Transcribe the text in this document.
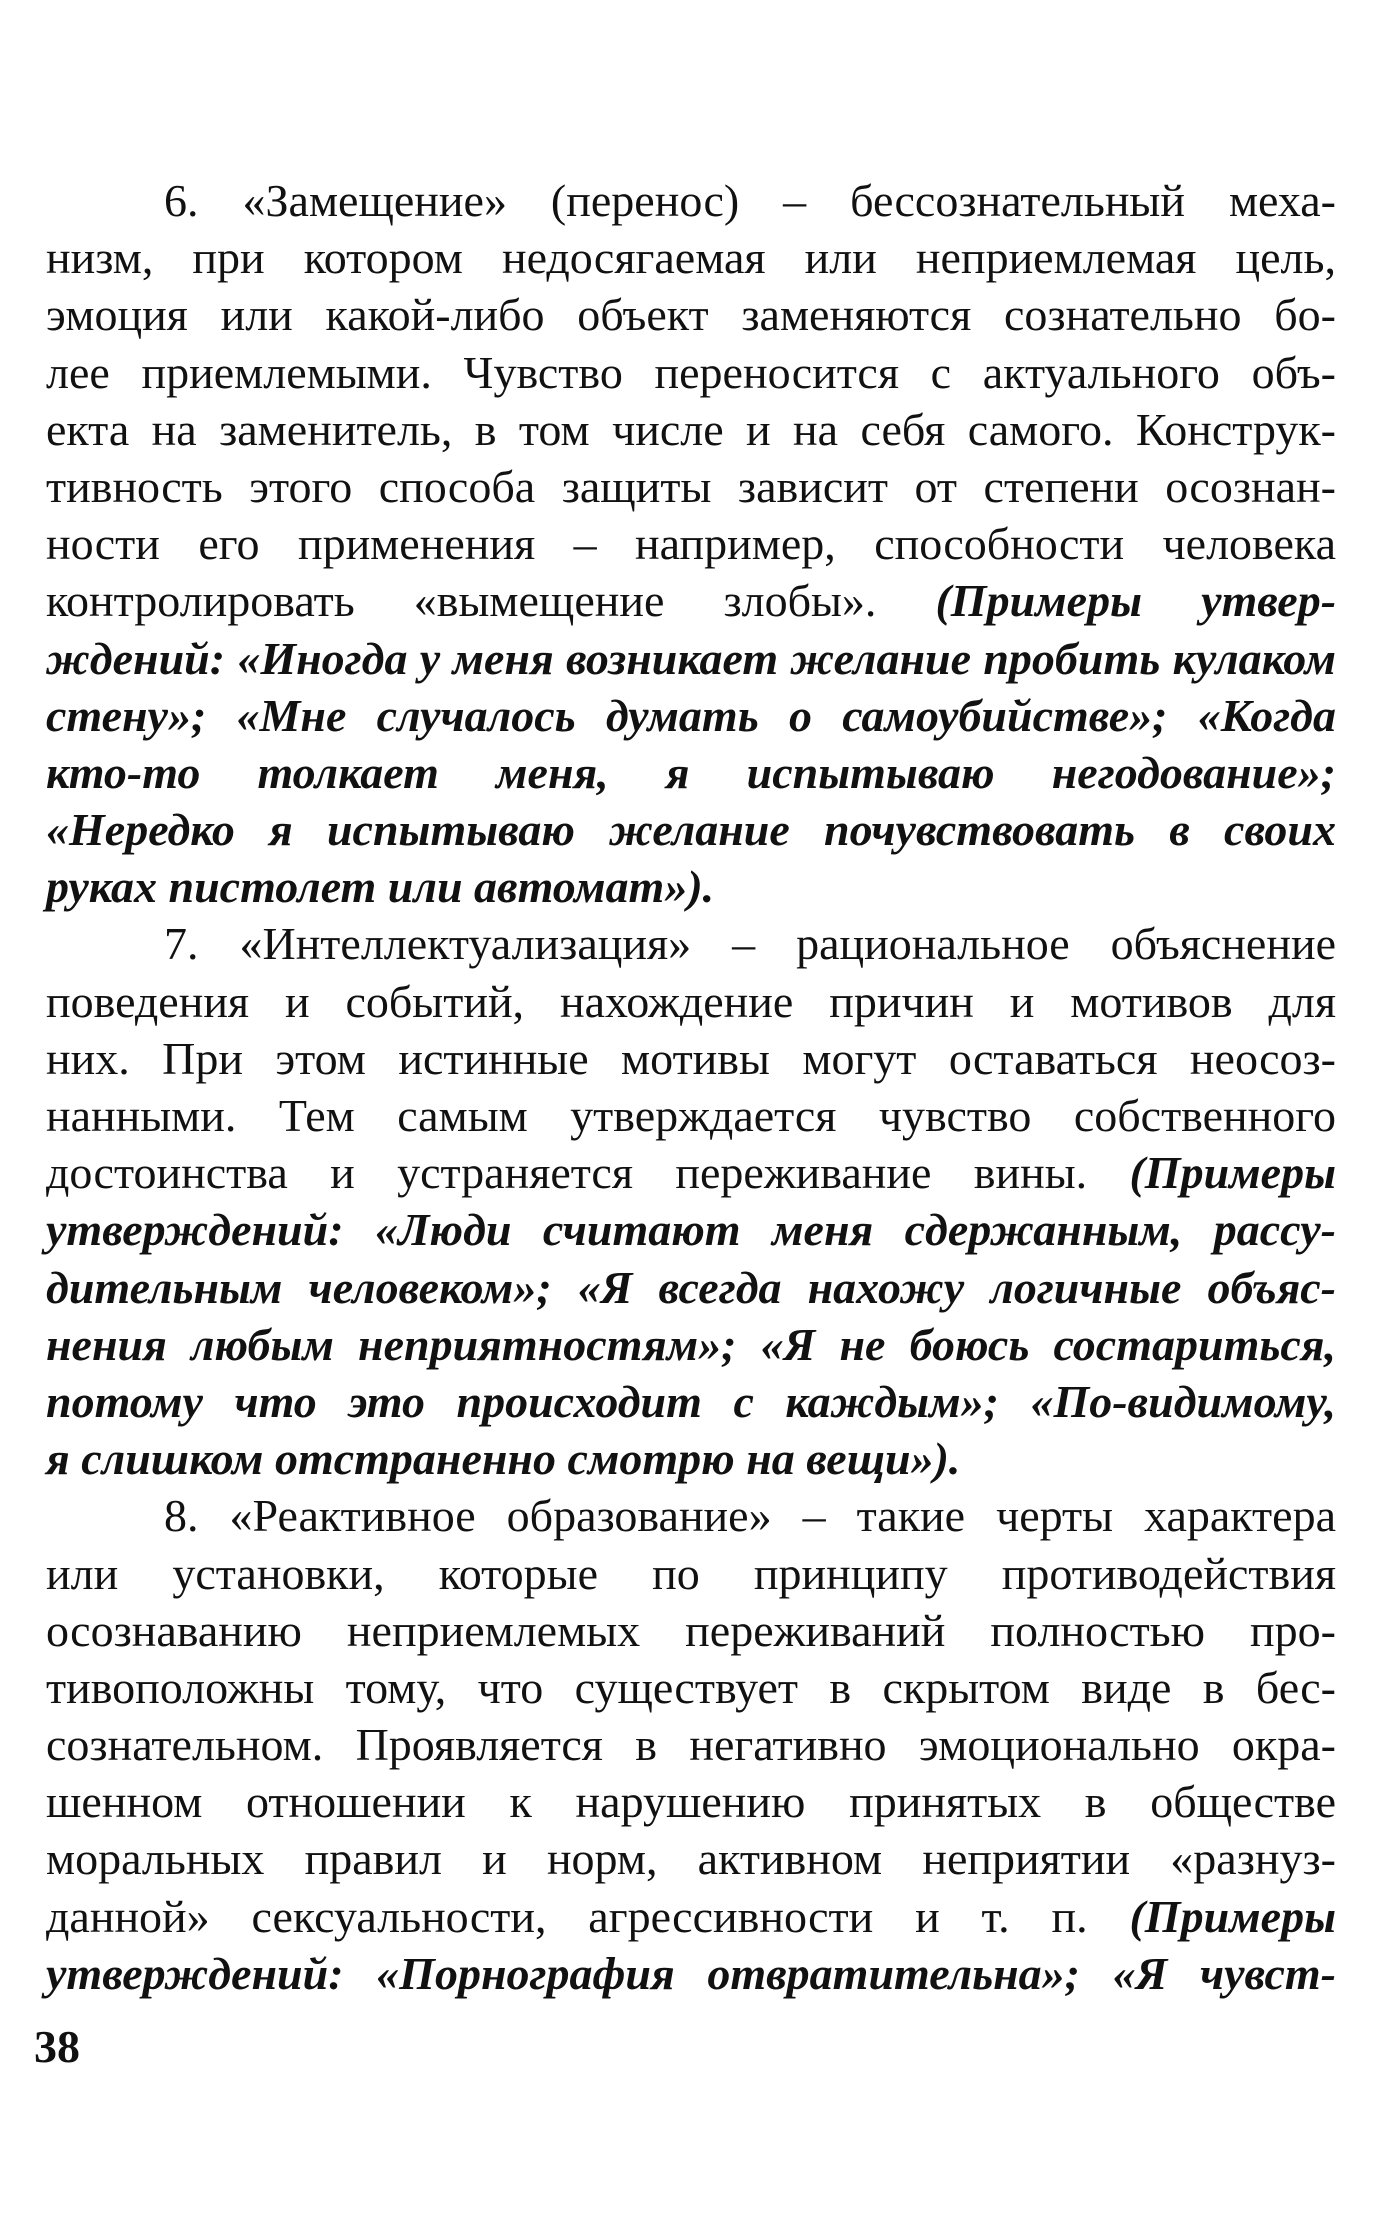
6. «Замещение» (перенос) – бессознательный меха-
низм, при котором недосягаемая или неприемлемая цель,
эмоция или какой-либо объект заменяются сознательно бо-
лее приемлемыми. Чувство переносится с актуального объ-
екта на заменитель, в том числе и на себя самого. Конструк-
тивность этого способа защиты зависит от степени осознан-
ности его применения – например, способности человека
контролировать «вымещение злобы». (Примеры утвер-
ждений: «Иногда у меня возникает желание пробить кулаком
стену»; «Мне случалось думать о самоубийстве»; «Когда
кто-то толкает меня, я испытываю негодование»;
«Нередко я испытываю желание почувствовать в своих
руках пистолет или автомат»).
7. «Интеллектуализация» – рациональное объяснение
поведения и событий, нахождение причин и мотивов для
них. При этом истинные мотивы могут оставаться неосоз-
нанными. Тем самым утверждается чувство собственного
достоинства и устраняется переживание вины. (Примеры
утверждений: «Люди считают меня сдержанным, рассу-
дительным человеком»; «Я всегда нахожу логичные объяс-
нения любым неприятностям»; «Я не боюсь состариться,
потому что это происходит с каждым»; «По-видимому,
я слишком отстраненно смотрю на вещи»).
8. «Реактивное образование» – такие черты характера
или установки, которые по принципу противодействия
осознаванию неприемлемых переживаний полностью про-
тивоположны тому, что существует в скрытом виде в бес-
сознательном. Проявляется в негативно эмоционально окра-
шенном отношении к нарушению принятых в обществе
моральных правил и норм, активном неприятии «разнуз-
данной» сексуальности, агрессивности и т. п. (Примеры
утверждений: «Порнография отвратительна»; «Я чувст-
38
